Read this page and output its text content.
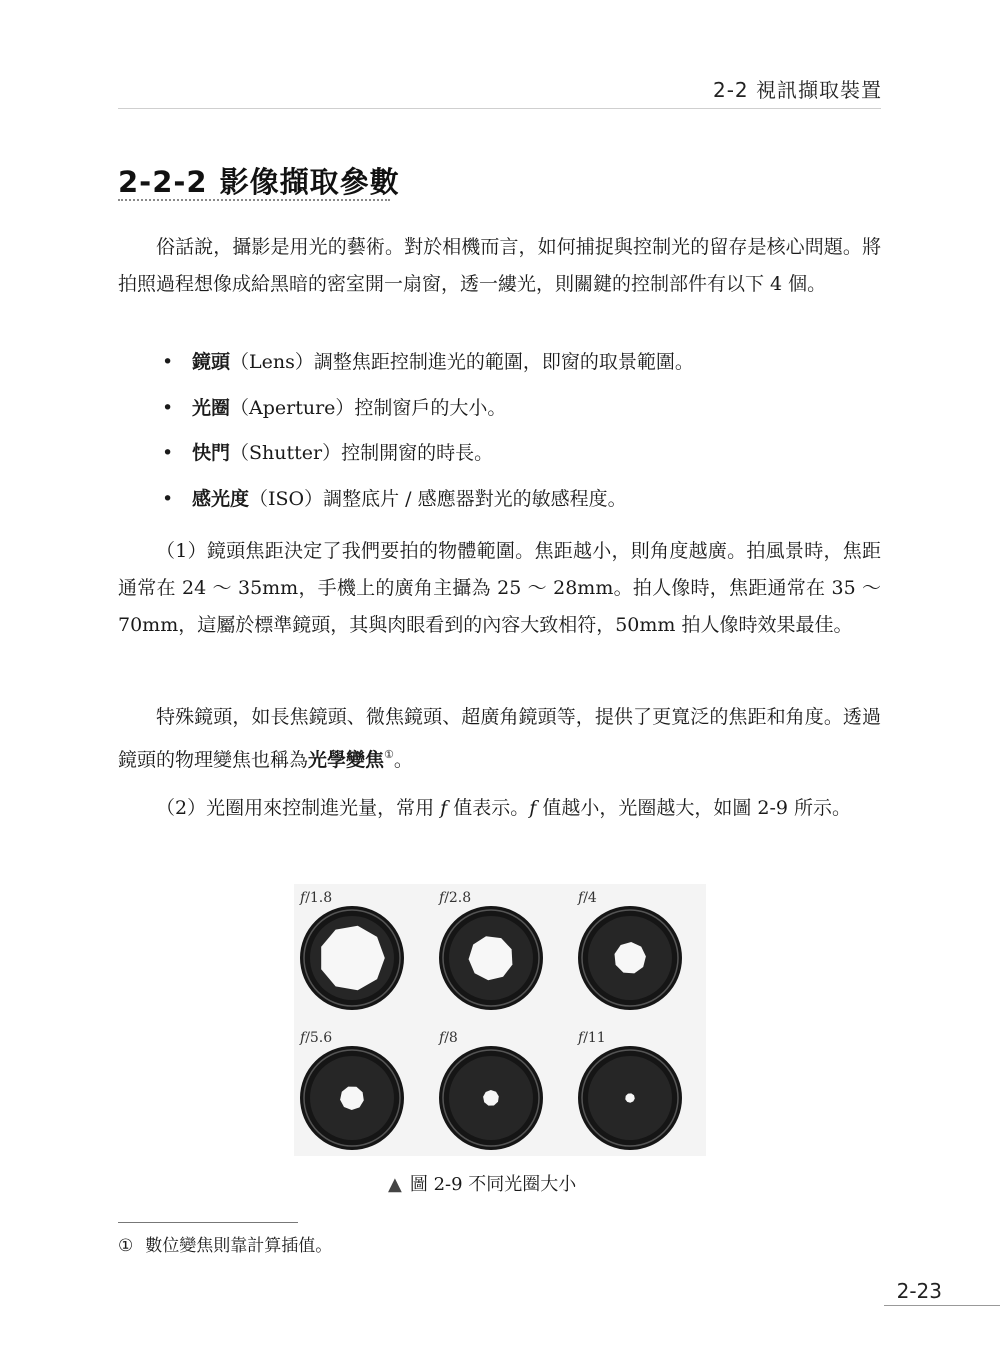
2-2 視訊擷取裝置
2-2-2 影像擷取參數

俗話說，攝影是用光的藝術。對於相機而言，如何捕捉與控制光的留存是核心問題。將拍照過程想像成給黑暗的密室開一扇窗，透一縷光，則關鍵的控制部件有以下 4 個。

• 鏡頭（Lens）調整焦距控制進光的範圍，即窗的取景範圍。
• 光圈（Aperture）控制窗戶的大小。
• 快門（Shutter）控制開窗的時長。
• 感光度（ISO）調整底片 / 感應器對光的敏感程度。

（1）鏡頭焦距決定了我們要拍的物體範圍。焦距越小，則角度越廣。拍風景時，焦距通常在 24 ～ 35mm，手機上的廣角主攝為 25 ～ 28mm。拍人像時，焦距通常在 35 ～ 70mm，這屬於標準鏡頭，其與肉眼看到的內容大致相符，50mm 拍人像時效果最佳。

特殊鏡頭，如長焦鏡頭、微焦鏡頭、超廣角鏡頭等，提供了更寬泛的焦距和角度。透過鏡頭的物理變焦也稱為光學變焦①。

（2）光圈用來控制進光量，常用 f 值表示。f 值越小，光圈越大，如圖 2-9 所示。

f/1.8	f/2.8	f/4
f/5.6	f/8	f/11
▲ 圖 2-9 不同光圈大小
① 數位變焦則靠計算插值。
2-23
